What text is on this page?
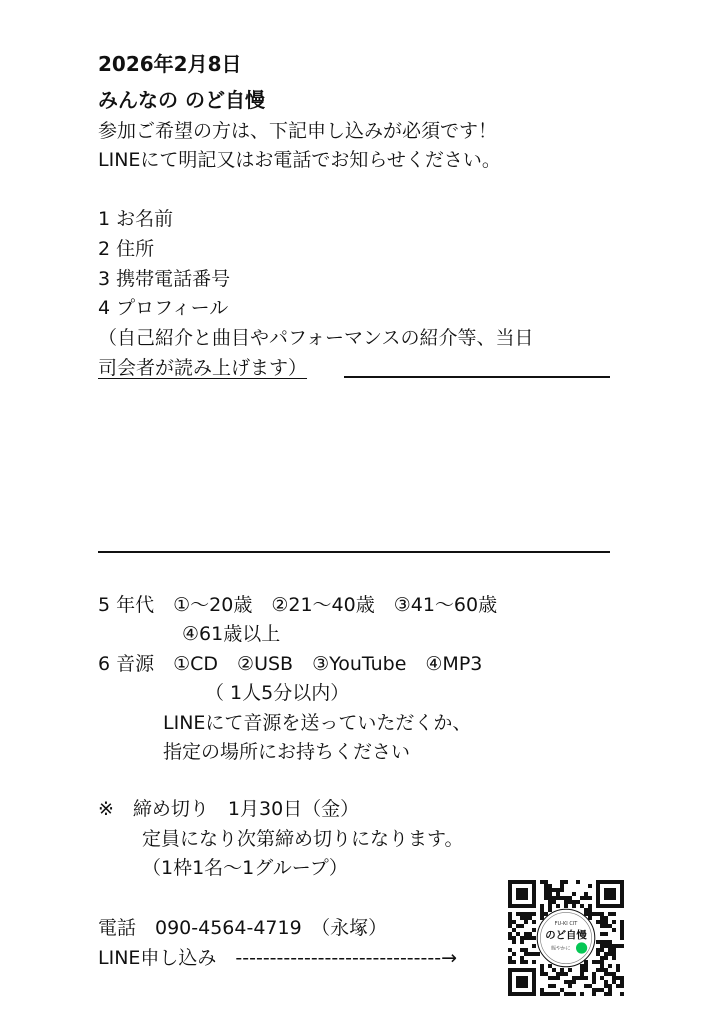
2026年2月8日
みんなの のど自慢
参加ご希望の方は、下記申し込みが必須です！
LINEにて明記又はお電話でお知らせください。
1 お名前
2 住所
3 携帯電話番号
4 プロフィール
（自己紹介と曲目やパフォーマンスの紹介等、当日
司会者が読み上げます）
5 年代　①～20歳　②21～40歳　③41～60歳
④61歳以上
6 音源　①CD　②USB　③YouTube　④MP3
（ 1人5分以内）
LINEにて音源を送っていただくか、
指定の場所にお持ちください
※　締め切り　1月30日（金）
定員になり次第締め切りになります。
（1枠1名～1グループ）
電話　090-4564-4719　（永塚）
LINE申し込み　------------------------------→
FU-KI CIT
のど自慢
賑やかに
